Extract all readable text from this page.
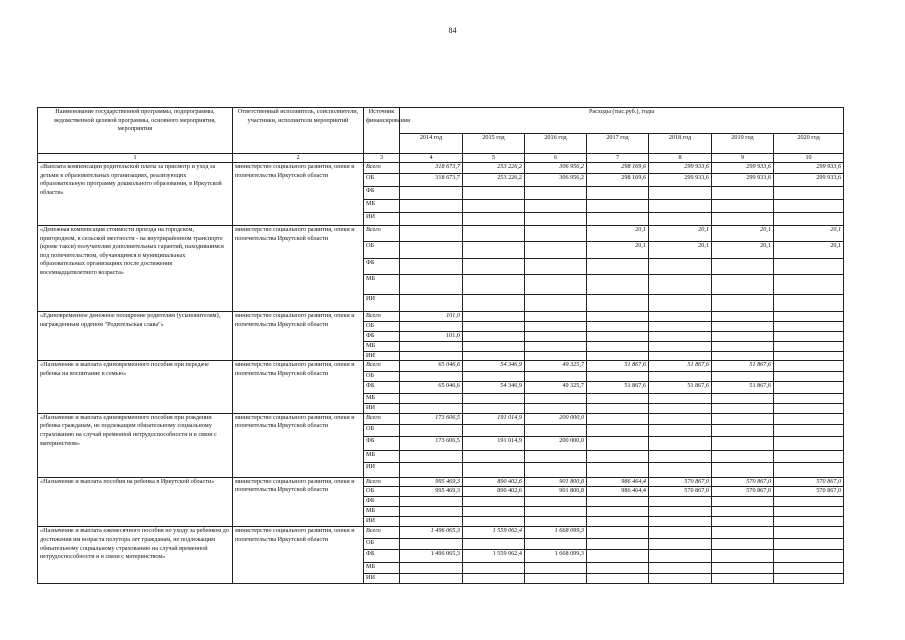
84
Наименование государственной программы, подпрограммы, ведомственной целевой программы, основного мероприятия, мероприятия	Ответственный исполнитель, соисполнители, участники, исполнители мероприятий	Источник финансирования	Расходы (тыс.руб.), годы						
			2014 год	2015 год	2016 год	2017 год	2018 год	2019 год	2020 год
1	2	3	4	5	6	7	8	9	10
«Выплата компенсации родительской платы за присмотр и уход за детьми в образовательных организациях, реализующих образовательную программу дошкольного образования, в Иркутской области»	министерство социального развития, опеки и попечительства Иркутской области	Всего	318 673,7	253 226,2	306 956,2	298 169,6	299 933,6	299 933,6	299 933,6
		ОБ	318 673,7	253 226,2	306 956,2	298 169,6	299 933,6	299 933,6	299 933,6
		ФБ							
		МБ							
		ИИ							
«Денежная компенсация стоимости проезда на городском, пригородном, в сельской местности - на внутрирайонном транспорте (кроме такси) получателям дополнительных гарантий, находившимся под попечительством, обучающимся в муниципальных образовательных организациях после достижения восемнадцатилетнего возраста»	министерство социального развития, опеки и попечительства Иркутской области	Всего				20,1	20,1	20,1	20,1
		ОБ				20,1	20,1	20,1	20,1
		ФБ							
		МБ							
		ИИ							
«Единовременное денежное поощрение родителям (усыновителям), награжденным орденом "Родительская слава"»	министерство социального развития, опеки и попечительства Иркутской области	Всего	101,0						
		ОБ							
		ФБ	101,0						
		МБ							
		ИИ							
«Назначение и выплата единовременного пособия при передаче ребенка на воспитание в семью»	министерство социального развития, опеки и попечительства Иркутской области	Всего	65 046,6	54 346,9	49 325,7	51 867,6	51 867,6	51 867,6	
		ОБ							
		ФБ	65 046,6	54 346,9	49 325,7	51 867,6	51 867,6	51 867,6	
		МБ							
		ИИ							
«Назначение и выплата единовременного пособия при рождении ребенка гражданам, не подлежащим обязательному социальному страхованию на случай временной нетрудоспособности и в связи с материнством»	министерство социального развития, опеки и попечительства Иркутской области	Всего	173 606,5	191 014,9	200 000,0				
		ОБ							
		ФБ	173 606,5	191 014,9	200 000,0				
		МБ							
		ИИ							
«Назначение и выплата пособия на ребенка в Иркутской области»	министерство социального развития, опеки и попечительства Иркутской области	Всего	995 469,3	890 402,6	901 800,8	986 464,4	570 867,0	570 867,0	570 867,0
		ОБ	995 469,3	890 402,6	901 800,8	986 464,4	570 867,0	570 867,0	570 867,0
		ФБ							
		МБ							
		ИИ							
«Назначение и выплата ежемесячного пособия по уходу за ребенком до достижения им возраста полутора лет гражданам, не подлежащим обязательному социальному страхованию на случай временной нетрудоспособности и в связи с материнством»	министерство социального развития, опеки и попечительства Иркутской области	Всего	1 496 065,3	1 559 062,4	1 668 099,3				
		ОБ							
		ФБ	1 496 065,3	1 559 062,4	1 668 099,3				
		МБ							
		ИИ							
